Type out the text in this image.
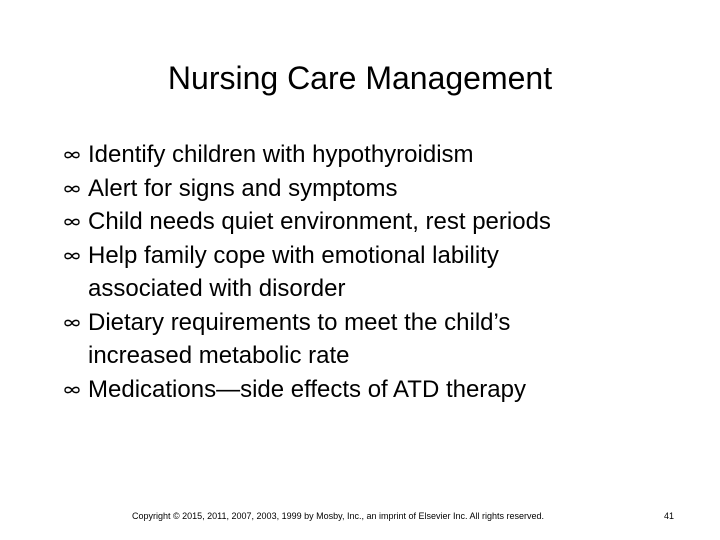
Nursing Care Management
Identify children with hypothyroidism
Alert for signs and symptoms
Child needs quiet environment, rest periods
Help family cope with emotional lability
associated with disorder
Dietary requirements to meet the child’s
increased metabolic rate
Medications—side effects of ATD therapy
Copyright © 2015, 2011, 2007, 2003, 1999 by Mosby, Inc., an imprint of Elsevier Inc. All rights reserved.	41
